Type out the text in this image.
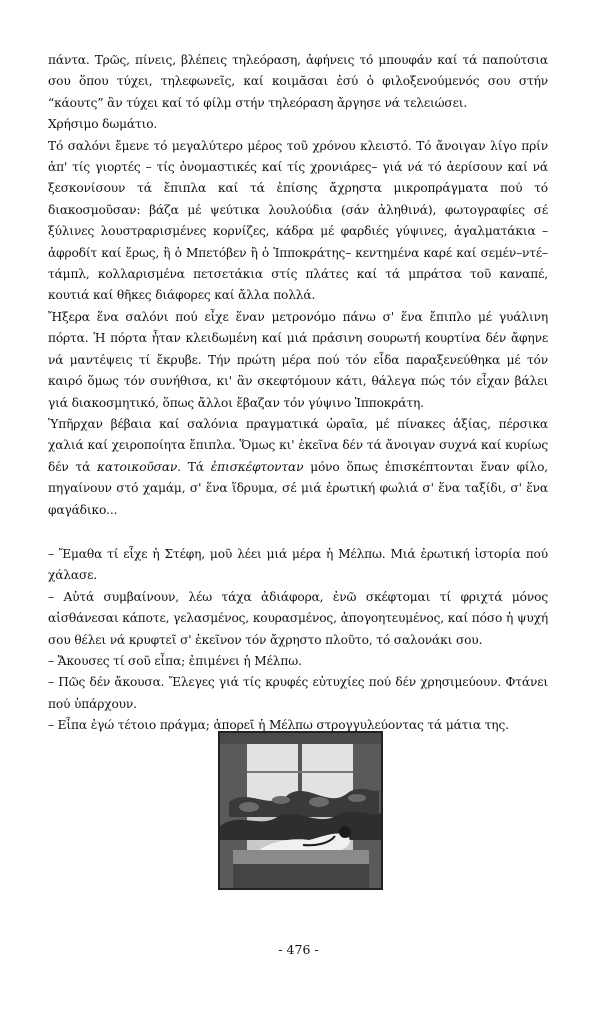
πάντα. Τρῶς, πίνεις, βλέπεις τηλεόραση, ἀφήνεις τό μπουφάν καί τά παπούτσια σου ὅπου τύχει, τηλεφωνεῖς, καί κοιμᾶσαι ἐσύ ὁ φιλοξενούμενός σου στήν “κάουτς” ἂν τύχει καί τό φίλμ στήν τηλεόραση ἄργησε νά τελειώσει.

Χρήσιμο δωμάτιο.

Τό σαλόνι ἔμενε τό μεγαλύτερο μέρος τοῦ χρόνου κλειστό. Τό ἄνοιγαν λίγο πρίν ἀπ' τίς γιορτές – τίς ὀνομαστικές καί τίς χρονιάρες– γιά νά τό ἀερίσουν καί νά ξεσκονίσουν τά ἔπιπλα καί τά ἐπίσης ἄχρηστα μικροπράγματα πού τό διακοσμοῦσαν: βάζα μέ ψεύτικα λουλούδια (σάν ἀληθινά), φωτογραφίες σέ ξύλινες λουστραρισμένες κορνίζες, κάδρα μέ φαρδιές γύψινες, ἀγαλματάκια –ἀφροδίτ καί ἔρως, ἢ ὁ Μπετόβεν ἢ ὁ Ἱπποκράτης– κεντημένα καρέ καί σεμέν–ντέ–τάμπλ, κολλαρισμένα πετσετάκια στίς πλάτες καί τά μπράτσα τοῦ καναπέ, κουτιά καί θῆκες διάφορες καί ἄλλα πολλά.

Ἤξερα ἕνα σαλόνι πού εἶχε ἕναν μετρονόμο πάνω σ' ἕνα ἔπιπλο μέ γυάλινη πόρτα. Ἡ πόρτα ἦταν κλειδωμένη καί μιά πράσινη σουρωτή κουρτίνα δέν ἄφηνε νά μαντέψεις τί ἔκρυβε. Τήν πρώτη μέρα πού τόν εἶδα παραξενεύθηκα μέ τόν καιρό ὅμως τόν συνήθισα, κι' ἂν σκεφτόμουν κάτι, θάλεγα πώς τόν εἶχαν βάλει γιά διακοσμητικό, ὅπως ἄλλοι ἔβαζαν τόν γύψινο Ἱπποκράτη.

Ὑπῆρχαν βέβαια καί σαλόνια πραγματικά ὡραῖα, μέ πίνακες ἀξίας, πέρσικα χαλιά καί χειροποίητα ἔπιπλα. Ὅμως κι' ἐκεῖνα δέν τά ἄνοιγαν συχνά καί κυρίως δέν τά κατοικοῦσαν. Τά ἐπισκέφτονταν μόνο ὅπως ἐπισκέπτονται ἕναν φίλο, πηγαίνουν στό χαμάμ, σ' ἕνα ἵδρυμα, σέ μιά ἐρωτική φωλιά σ' ἕνα ταξίδι, σ' ἕνα φαγάδικο...

– Ἔμαθα τί εἶχε ἡ Στέφη, μοῦ λέει μιά μέρα ἡ Μέλπω. Μιά ἐρωτική ἱστορία πού χάλασε.

– Αὐτά συμβαίνουν, λέω τάχα ἀδιάφορα, ἐνῶ σκέφτομαι τί φριχτά μόνος αἰσθάνεσαι κάποτε, γελασμένος, κουρασμένος, ἀπογοητευμένος, καί πόσο ἡ ψυχή σου θέλει νά κρυφτεῖ σ' ἐκεῖνον τόν ἄχρηστο πλοῦτο, τό σαλονάκι σου.

– Ἄκουσες τί σοῦ εἶπα; ἐπιμένει ἡ Μέλπω.

– Πῶς δέν ἄκουσα. Ἔλεγες γιά τίς κρυφές εὐτυχίες πού δέν χρησιμεύουν. Φτάνει πού ὑπάρχουν.

– Εἶπα ἐγώ τέτοιο πράγμα; ἀπορεῖ ἡ Μέλπω στρογγυλεύοντας τά μάτια της.

- 476 -
